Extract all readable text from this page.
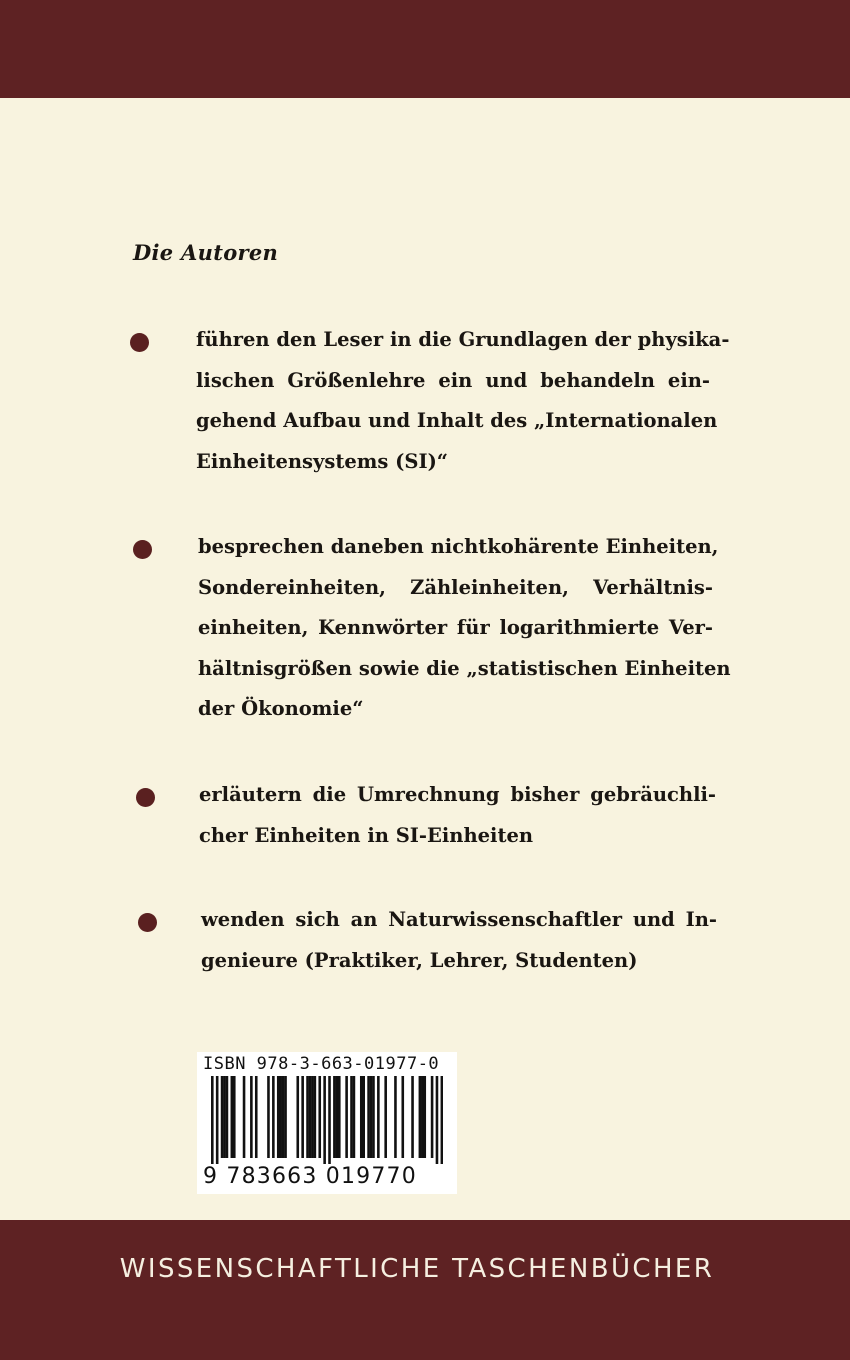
Die Autoren
führen den Leser in die Grundlagen der physika-
lischen Größenlehre ein und behandeln ein-
gehend Aufbau und Inhalt des „Internationalen
Einheitensystems (SI)“
besprechen daneben nichtkohärente Einheiten,
Sondereinheiten, Zähleinheiten, Verhältnis-
einheiten, Kennwörter für logarithmierte Ver-
hältnisgrößen sowie die „statistischen Einheiten
der Ökonomie“
erläutern die Umrechnung bisher gebräuchli-
cher Einheiten in SI-Einheiten
wenden sich an Naturwissenschaftler und In-
genieure (Praktiker, Lehrer, Studenten)
ISBN 978-3-663-01977-0
9 783663 019770
WISSENSCHAFTLICHE TASCHENBÜCHER
